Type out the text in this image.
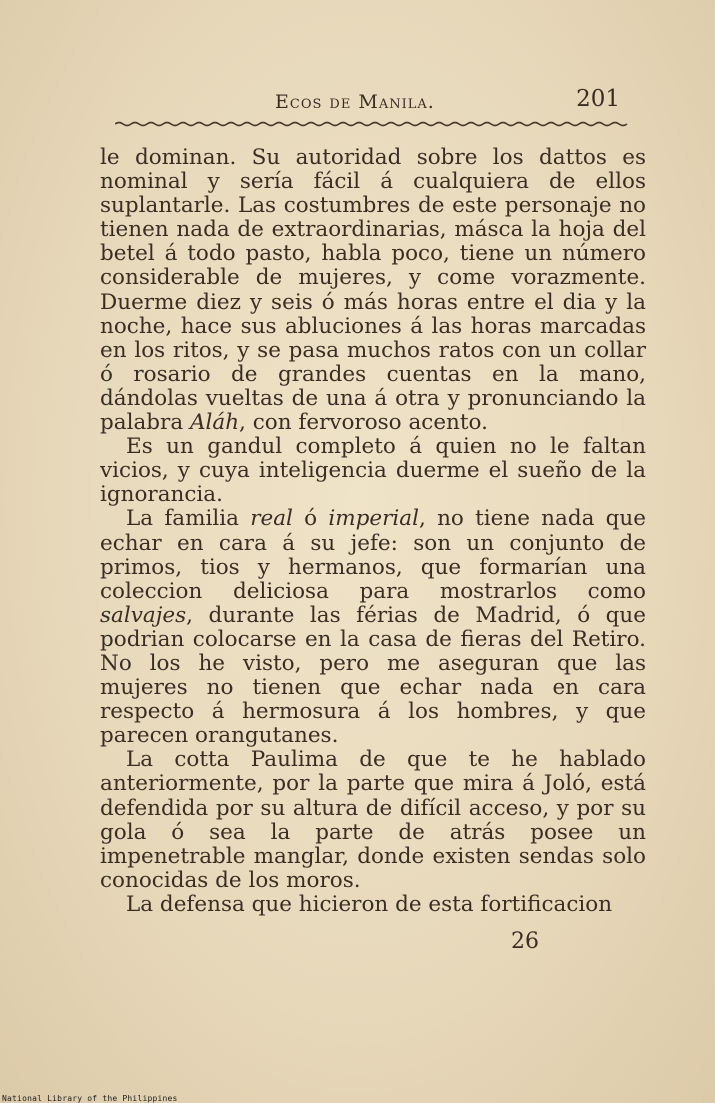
Ecos de Manila.	201

le dominan. Su autoridad sobre los dattos es nominal y sería fácil á cualquiera de ellos suplantarle. Las costumbres de este personaje no tienen nada de extraordinarias, másca la hoja del betel á todo pasto, habla poco, tiene un número considerable de mujeres, y come vorazmente. Duerme diez y seis ó más horas entre el dia y la noche, hace sus abluciones á las horas marcadas en los ritos, y se pasa muchos ratos con un collar ó rosario de grandes cuentas en la mano, dándolas vueltas de una á otra y pronunciando la palabra Aláh, con fervoroso acento.

Es un gandul completo á quien no le faltan vicios, y cuya inteligencia duerme el sueño de la ignorancia.

La familia real ó imperial, no tiene nada que echar en cara á su jefe: son un conjunto de primos, tios y hermanos, que formarían una coleccion deliciosa para mostrarlos como salvajes, durante las férias de Madrid, ó que podrian colocarse en la casa de fieras del Retiro. No los he visto, pero me aseguran que las mujeres no tienen que echar nada en cara respecto á hermosura á los hombres, y que parecen orangutanes.

La cotta Paulima de que te he hablado anteriormente, por la parte que mira á Joló, está defendida por su altura de difícil acceso, y por su gola ó sea la parte de atrás posee un impenetrable manglar, donde existen sendas solo conocidas de los moros.

La defensa que hicieron de esta fortificacion

26
National Library of the Philippines
